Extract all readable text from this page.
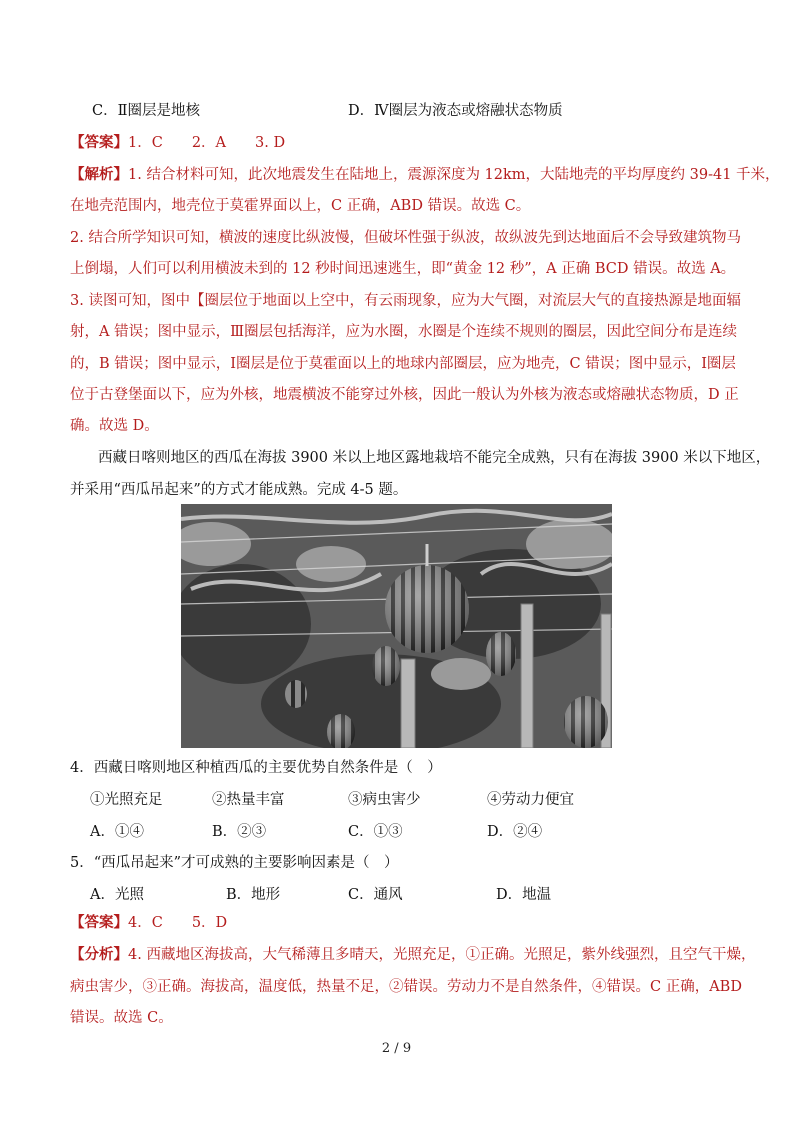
C．Ⅱ圈层是地核	D．Ⅳ圈层为液态或熔融状态物质
【答案】1．C　　2．A　　3. D
【解析】1. 结合材料可知，此次地震发生在陆地上，震源深度为 12km，大陆地壳的平均厚度约 39-41 千米，
在地壳范围内，地壳位于莫霍界面以上，C 正确，ABD 错误。故选 C。
2. 结合所学知识可知，横波的速度比纵波慢，但破坏性强于纵波，故纵波先到达地面后不会导致建筑物马
上倒塌，人们可以利用横波未到的 12 秒时间迅速逃生，即“黄金 12 秒”，A 正确 BCD 错误。故选 A。
3. 读图可知，图中【圈层位于地面以上空中，有云雨现象，应为大气圈，对流层大气的直接热源是地面辐
射，A 错误；图中显示，Ⅲ圈层包括海洋，应为水圈，水圈是个连续不规则的圈层，因此空间分布是连续
的，B 错误；图中显示，Ⅰ圈层是位于莫霍面以上的地球内部圈层，应为地壳，C 错误；图中显示，Ⅰ圈层
位于古登堡面以下，应为外核，地震横波不能穿过外核，因此一般认为外核为液态或熔融状态物质，D 正
确。故选 D。
西藏日喀则地区的西瓜在海拔 3900 米以上地区露地栽培不能完全成熟，只有在海拔 3900 米以下地区，
并采用“西瓜吊起来”的方式才能成熟。完成 4-5 题。
4．西藏日喀则地区种植西瓜的主要优势自然条件是（　）
①光照充足	②热量丰富	③病虫害少	④劳动力便宜
A．①④	B．②③	C．①③	D．②④
5．“西瓜吊起来”才可成熟的主要影响因素是（　）
A．光照	B．地形	C．通风	D．地温
【答案】4．C　　5．D
【分析】4. 西藏地区海拔高，大气稀薄且多晴天，光照充足，①正确。光照足，紫外线强烈，且空气干燥，
病虫害少，③正确。海拔高，温度低，热量不足，②错误。劳动力不是自然条件，④错误。C 正确，ABD
错误。故选 C。
2 / 9
